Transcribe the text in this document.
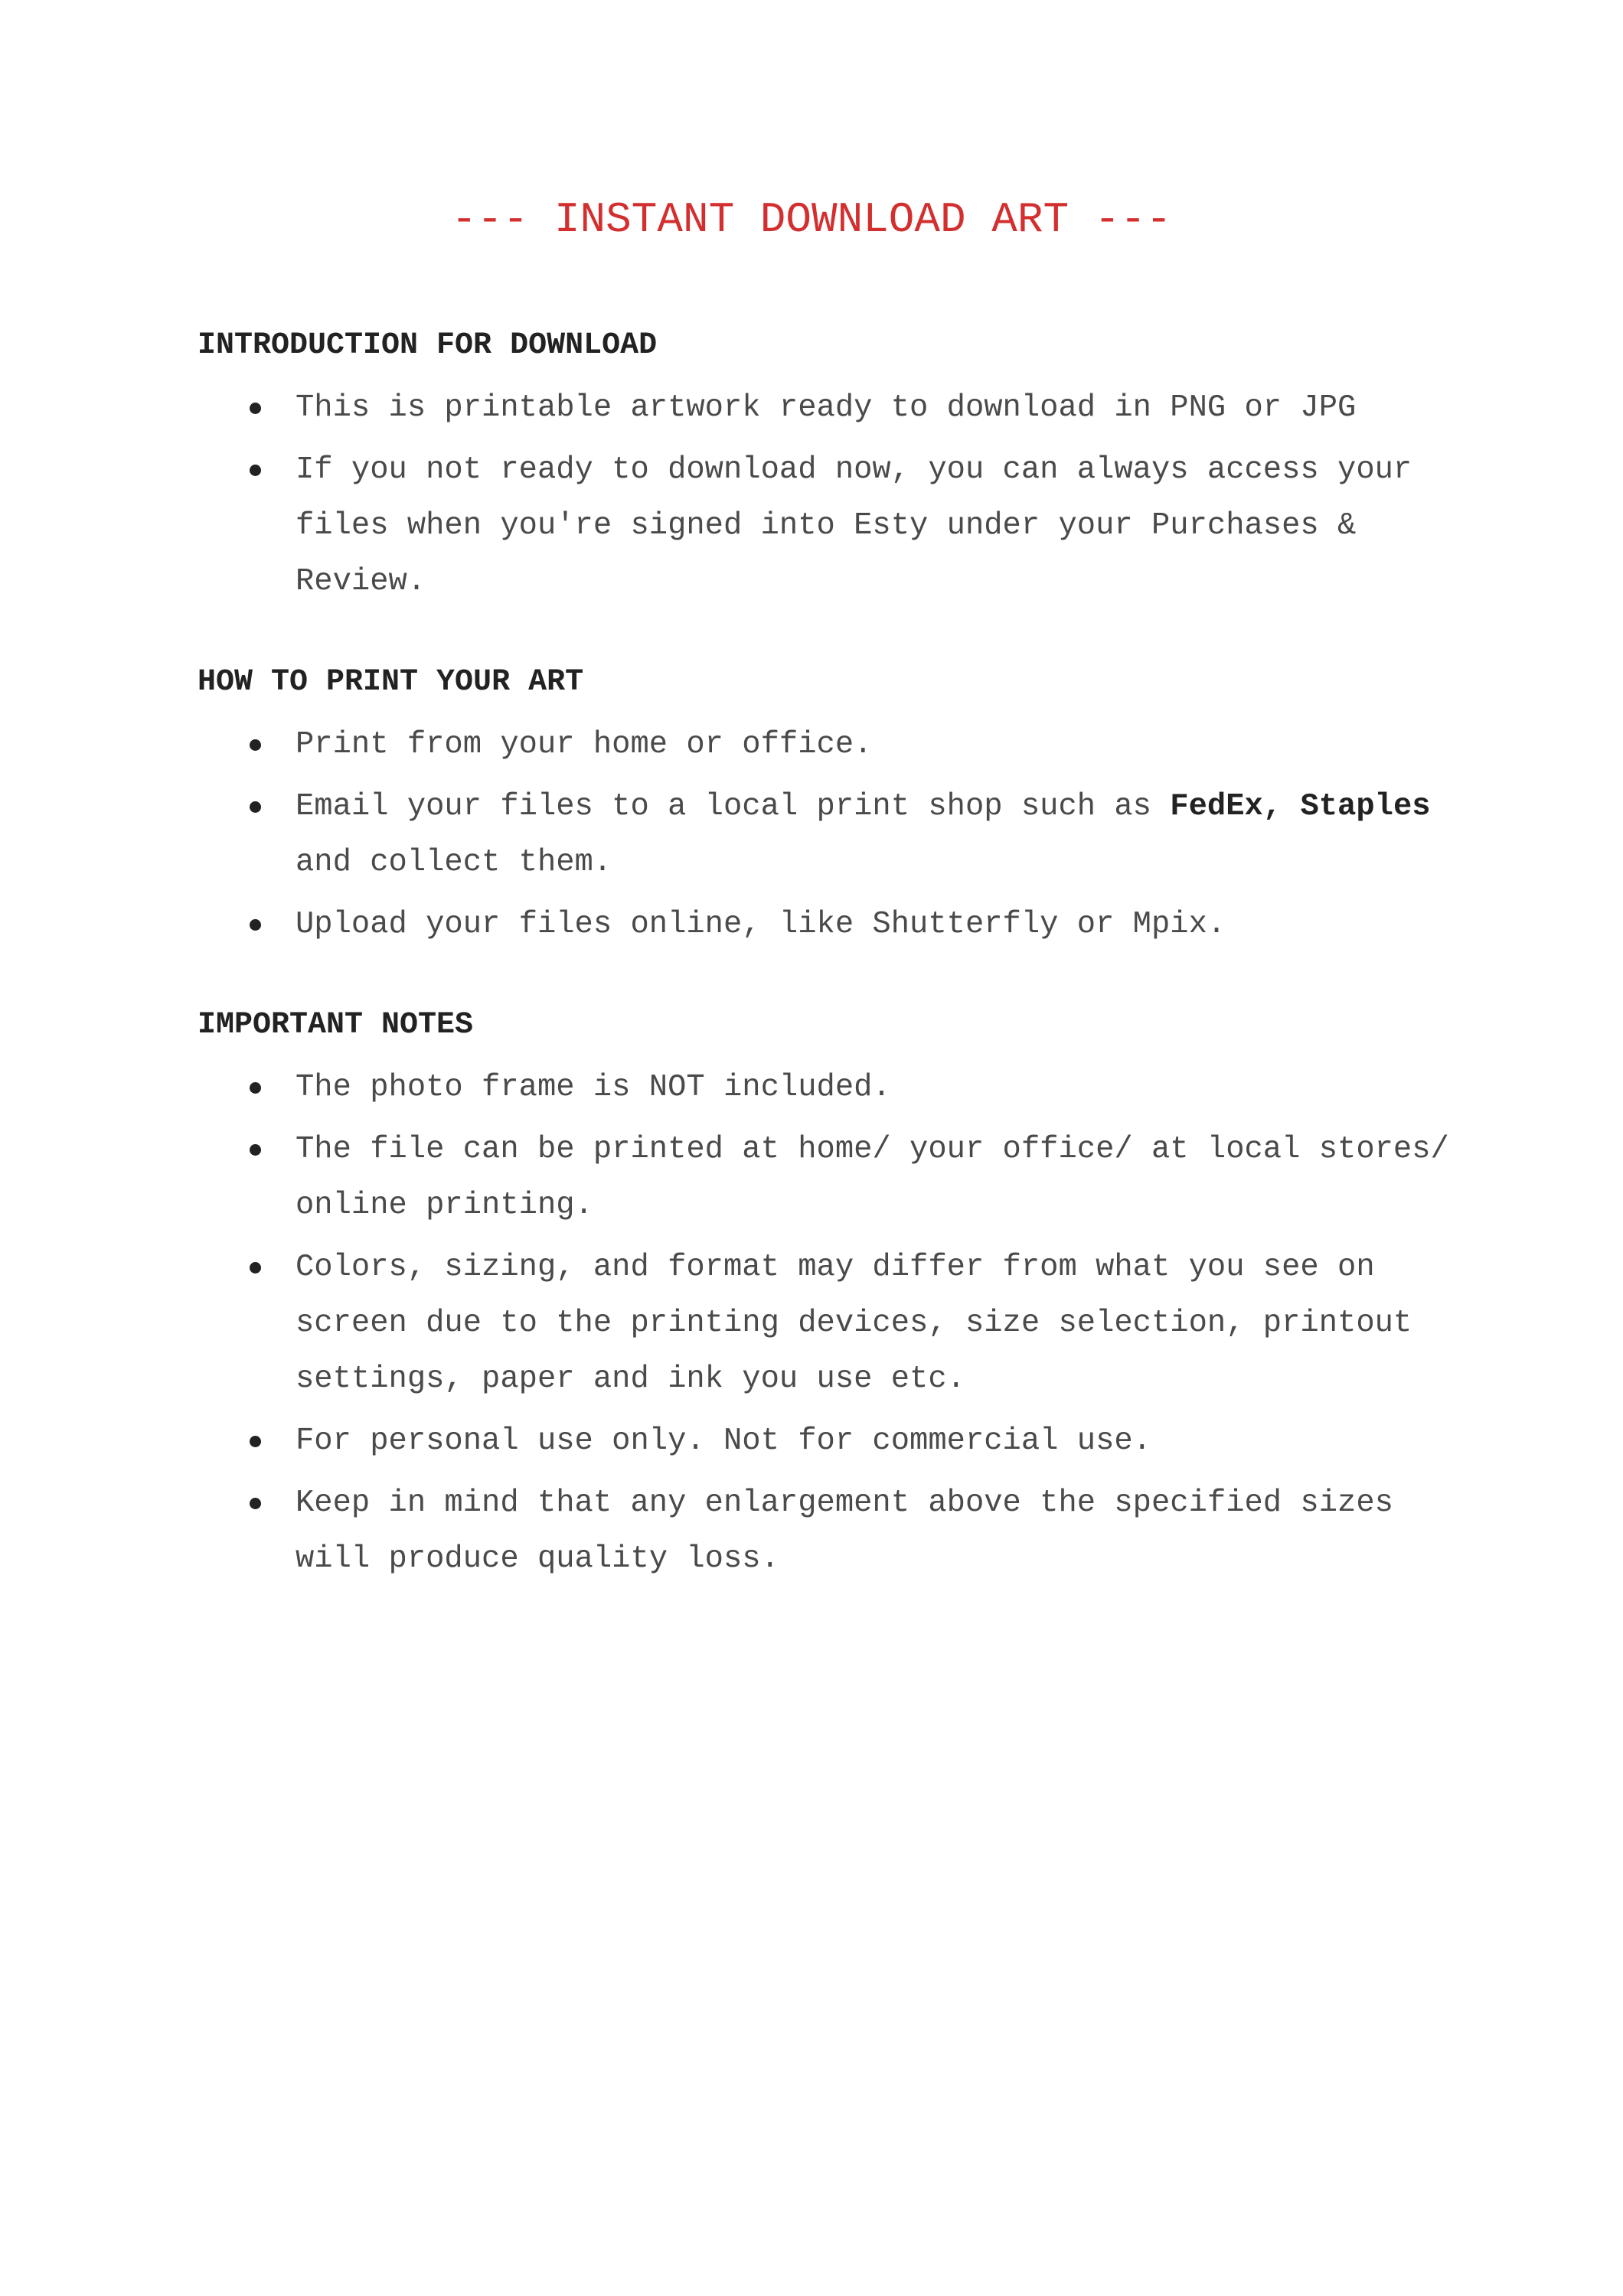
--- INSTANT DOWNLOAD ART ---
INTRODUCTION FOR DOWNLOAD
This is printable artwork ready to download in PNG or JPG
If you not ready to download now, you can always access your files when you're signed into Esty under your Purchases & Review.
HOW TO PRINT YOUR ART
Print from your home or office.
Email your files to a local print shop such as FedEx, Staples and collect them.
Upload your files online, like Shutterfly or Mpix.
IMPORTANT NOTES
The photo frame is NOT included.
The file can be printed at home/ your office/ at local stores/ online printing.
Colors, sizing, and format may differ from what you see on screen due to the printing devices, size selection, printout settings, paper and ink you use etc.
For personal use only. Not for commercial use.
Keep in mind that any enlargement above the specified sizes will produce quality loss.
